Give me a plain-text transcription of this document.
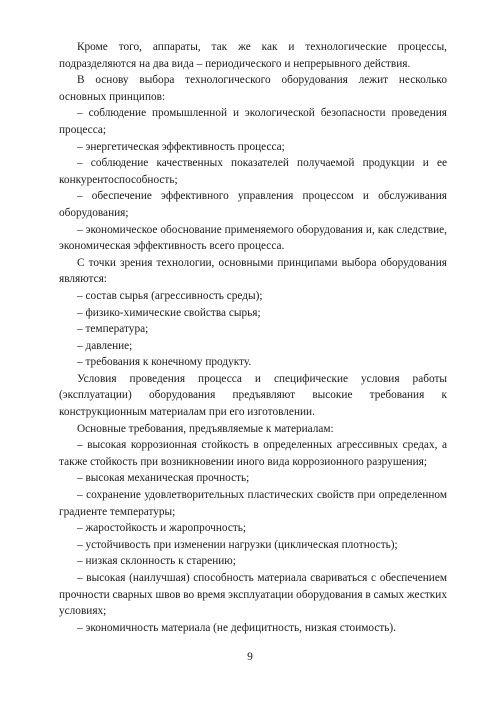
Кроме того, аппараты, так же как и технологические процессы, подразделяются на два вида – периодического и непрерывного действия.

В основу выбора технологического оборудования лежит несколько основных принципов:

– соблюдение промышленной и экологической безопасности проведения процесса;

– энергетическая эффективность процесса;

– соблюдение качественных показателей получаемой продукции и ее конкурентоспособность;

– обеспечение эффективного управления процессом и обслуживания оборудования;

– экономическое обоснование применяемого оборудования и, как следствие, экономическая эффективность всего процесса.

С точки зрения технологии, основными принципами выбора оборудования являются:

– состав сырья (агрессивность среды);

– физико-химические свойства сырья;

– температура;

– давление;

– требования к конечному продукту.

Условия проведения процесса и специфические условия работы (эксплуатации) оборудования предъявляют высокие требования к конструкционным материалам при его изготовлении.

Основные требования, предъявляемые к материалам:

– высокая коррозионная стойкость в определенных агрессивных средах, а также стойкость при возникновении иного вида коррозионного разрушения;

– высокая механическая прочность;

– сохранение удовлетворительных пластических свойств при определенном градиенте температуры;

– жаростойкость и жаропрочность;

– устойчивость при изменении нагрузки (циклическая плотность);

– низкая склонность к старению;

– высокая (наилучшая) способность материала свариваться с обеспечением прочности сварных швов во время эксплуатации оборудования в самых жестких условиях;

– экономичность материала (не дефицитность, низкая стоимость).

9
